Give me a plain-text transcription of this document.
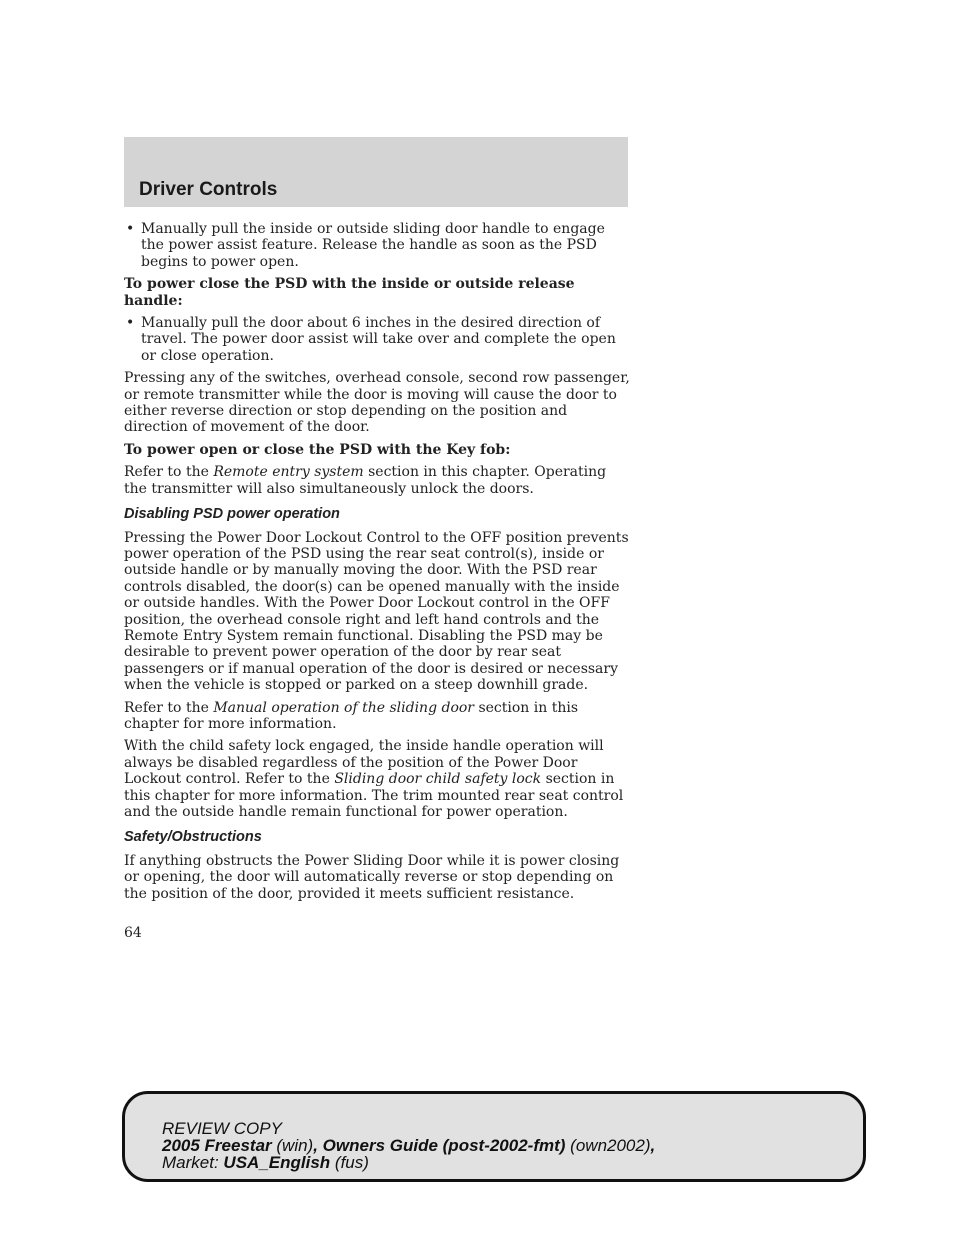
Driver Controls
• Manually pull the inside or outside sliding door handle to engage the power assist feature. Release the handle as soon as the PSD begins to power open.

To power close the PSD with the inside or outside release handle:

• Manually pull the door about 6 inches in the desired direction of travel. The power door assist will take over and complete the open or close operation.

Pressing any of the switches, overhead console, second row passenger, or remote transmitter while the door is moving will cause the door to either reverse direction or stop depending on the position and direction of movement of the door.

To power open or close the PSD with the Key fob:

Refer to the Remote entry system section in this chapter. Operating the transmitter will also simultaneously unlock the doors.

Disabling PSD power operation

Pressing the Power Door Lockout Control to the OFF position prevents power operation of the PSD using the rear seat control(s), inside or outside handle or by manually moving the door. With the PSD rear controls disabled, the door(s) can be opened manually with the inside or outside handles. With the Power Door Lockout control in the OFF position, the overhead console right and left hand controls and the Remote Entry System remain functional. Disabling the PSD may be desirable to prevent power operation of the door by rear seat passengers or if manual operation of the door is desired or necessary when the vehicle is stopped or parked on a steep downhill grade.

Refer to the Manual operation of the sliding door section in this chapter for more information.

With the child safety lock engaged, the inside handle operation will always be disabled regardless of the position of the Power Door Lockout control. Refer to the Sliding door child safety lock section in this chapter for more information. The trim mounted rear seat control and the outside handle remain functional for power operation.

Safety/Obstructions

If anything obstructs the Power Sliding Door while it is power closing or opening, the door will automatically reverse or stop depending on the position of the door, provided it meets sufficient resistance.

64
REVIEW COPY
2005 Freestar (win), Owners Guide (post-2002-fmt) (own2002),
Market: USA_English (fus)
